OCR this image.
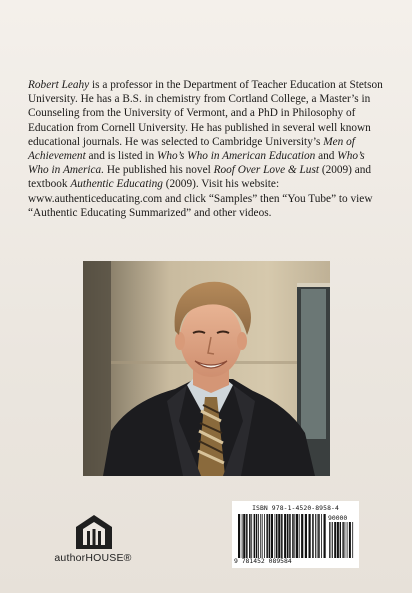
Robert Leahy is a professor in the Department of Teacher Education at Stetson University. He has a B.S. in chemistry from Cortland College, a Master’s in Counseling from the University of Vermont, and a PhD in Philosophy of Education from Cornell University. He has published in several well known educational journals. He was selected to Cambridge University’s Men of Achievement and is listed in Who’s Who in American Education and Who’s Who in America. He published his novel Roof Over Love & Lust (2009) and textbook Authentic Educating (2009). Visit his website: www.authenticeducating.com and click “Samples” then “You Tube” to view “Authentic Educating Summarized” and other videos.

authorHOUSE®
ISBN 978-1-4520-8958-4
90000
9 781452 089584
